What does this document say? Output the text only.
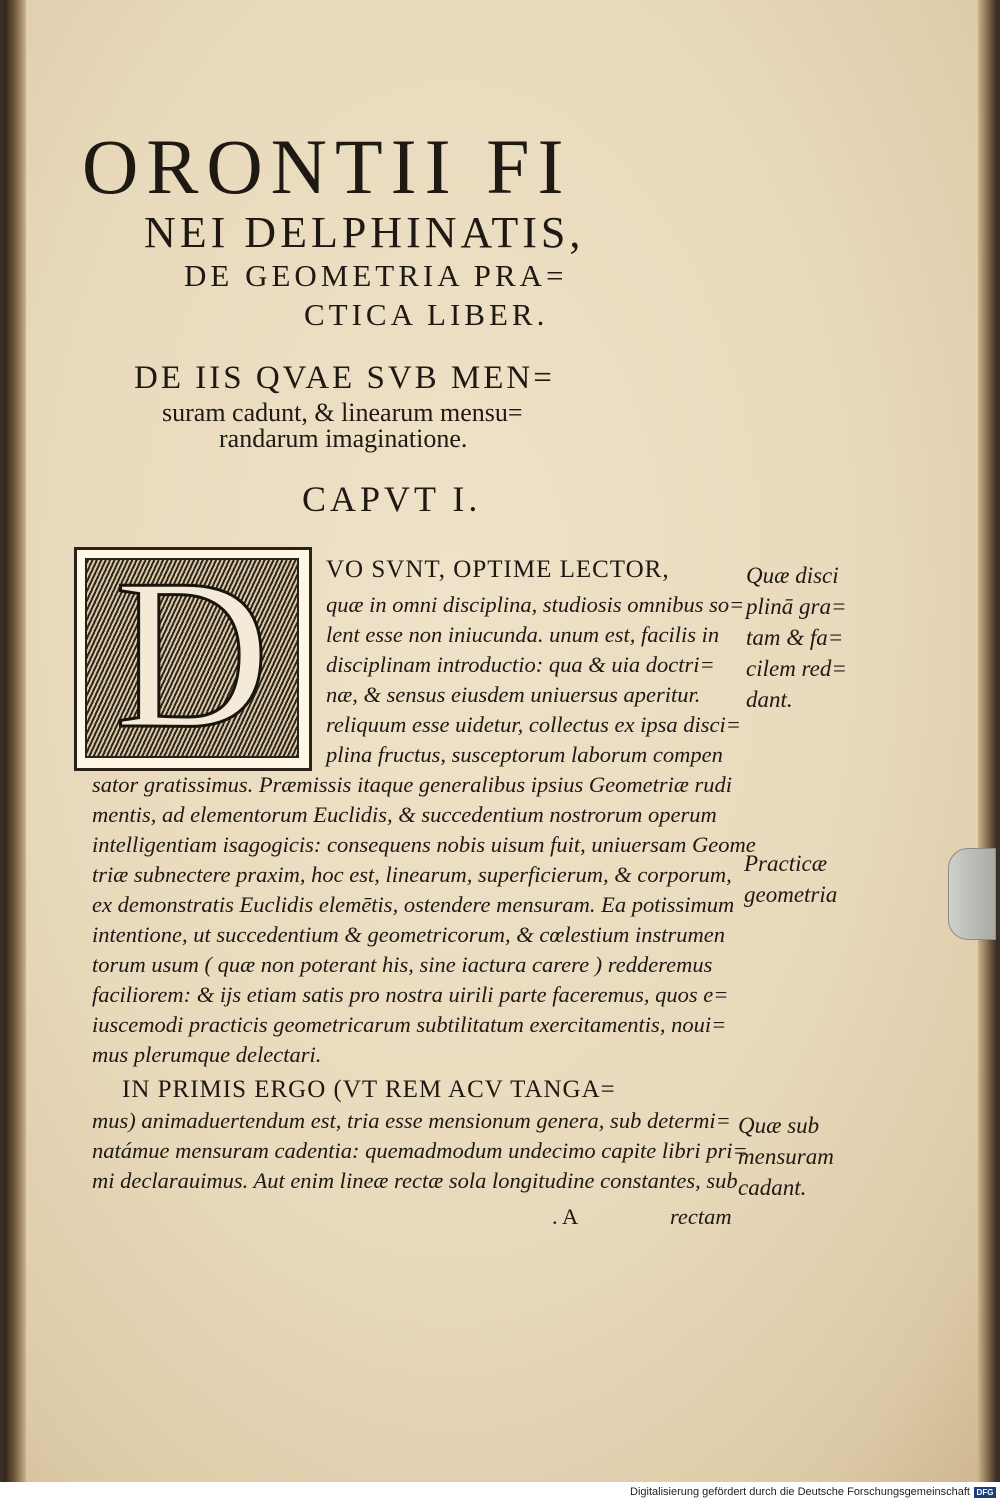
ORONTII FI
NEI DELPHINATIS,
DE GEOMETRIA PRA=
CTICA LIBER.
DE IIS QVAE SVB MEN=
suram cadunt, & linearum mensu=
randarum imaginatione.
CAPVT I.
D	VO SVNT, OPTIME LECTOR,
quæ in omni disciplina, studiosis omnibus so=
lent esse non iniucunda. unum est, facilis in
disciplinam introductio: qua & uia doctri=
næ, & sensus eiusdem uniuersus aperitur.
reliquum esse uidetur, collectus ex ipsa disci=
plina fructus, susceptorum laborum compen
sator gratissimus. Præmissis itaque generalibus ipsius Geometriæ rudi
mentis, ad elementorum Euclidis, & succedentium nostrorum operum
intelligentiam isagogicis: consequens nobis uisum fuit, uniuersam Geome
triæ subnectere praxim, hoc est, linearum, superficierum, & corporum,
ex demonstratis Euclidis elemētis, ostendere mensuram. Ea potissimum
intentione, ut succedentium & geometricorum, & cœlestium instrumen
torum usum ( quæ non poterant his, sine iactura carere ) redderemus
faciliorem: & ijs etiam satis pro nostra uirili parte faceremus, quos e=
iuscemodi practicis geometricarum subtilitatum exercitamentis, noui=
mus plerumque delectari.
IN PRIMIS ERGO (VT REM ACV TANGA=
mus) animaduertendum est, tria esse mensionum genera, sub determi=
natámue mensuram cadentia: quemadmodum undecimo capite libri pri=
mi declarauimus. Aut enim lineæ rectæ sola longitudine constantes, sub
. A	rectam
Quæ disci
plinā gra=
tam & fa=
cilem red=
dant.
Practicæ
geometria
Quæ sub
mensuram
cadant.
Digitalisierung gefördert durch die Deutsche Forschungsgemeinschaft DFG
